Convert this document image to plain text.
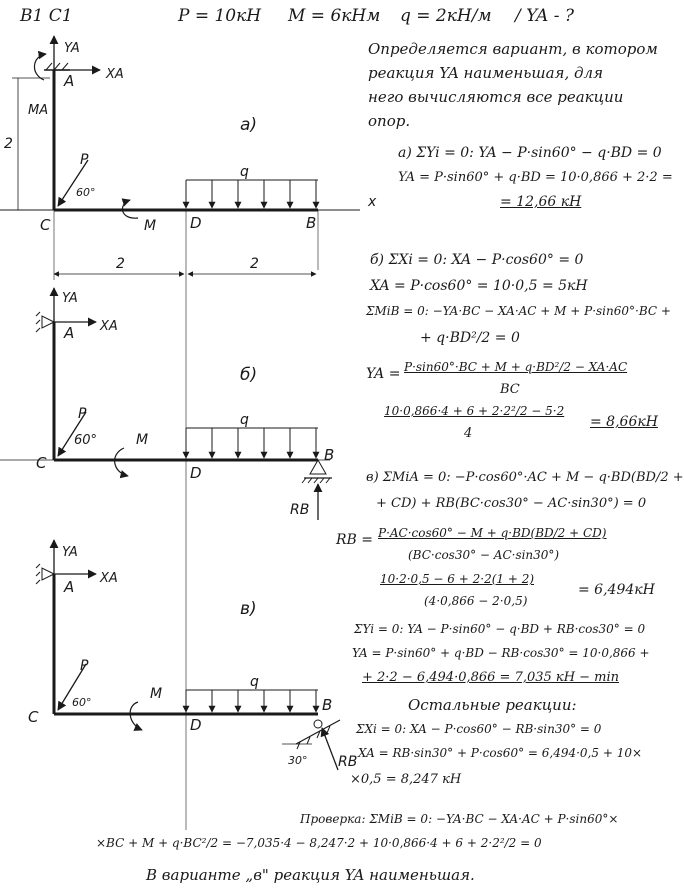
В1 С1	P = 10кН M = 6кНм q = 2кН/м / YA - ?
Определяется вариант, в котором
реакция YA наименьшая, для
него вычисляются все реакции
опор.
а) ΣYi = 0: YA − P·sin60° − q·BD = 0
YA = P·sin60° + q·BD = 10·0,866 + 2·2 =
= 12,66 кН
б) ΣXi = 0: XA − P·cos60° = 0
XA = P·cos60° = 10·0,5 = 5кН
ΣMiB = 0: −YA·BC − XA·AC + M + P·sin60°·BC +
+ q·BD²/2 = 0
YA = P·sin60°·BC + M + q·BD²/2 − XA·AC
BC
10·0,866·4 + 6 + 2·2²/2 − 5·2
4
= 8,66кН
в) ΣMiA = 0: −P·cos60°·AC + M − q·BD(BD/2 +
+ CD) + RB(BC·cos30° − AC·sin30°) = 0
RB = P·AC·cos60° − M + q·BD(BD/2 + CD)
(BC·cos30° − AC·sin30°)
10·2·0,5 − 6 + 2·2(1 + 2)
(4·0,866 − 2·0,5)
= 6,494кН
ΣYi = 0: YA − P·sin60° − q·BD + RB·cos30° = 0
YA = P·sin60° + q·BD − RB·cos30° = 10·0,866 +
+ 2·2 − 6,494·0,866 = 7,035 кН − min
Остальные реакции:
ΣXi = 0: XA − P·cos60° − RB·sin30° = 0
XA = RB·sin30° + P·cos60° = 6,494·0,5 + 10×
×0,5 = 8,247 кН
Проверка: ΣMiB = 0: −YA·BC − XA·AC + P·sin60°×
×BC + M + q·BC²/2 = −7,035·4 − 8,247·2 + 10·0,866·4 + 6 + 2·2²/2 = 0
В варианте „в" реакция YA наименьшая.
A
YA
XA
MA
2
P
60°
q
C	D	B
M
x
а)
2	2
A
YA
XA
P
60°	M
q
C
D
B
RB
б)
A
YA
XA
P
60°
M
q
C	D
B
RB
30°
в)
